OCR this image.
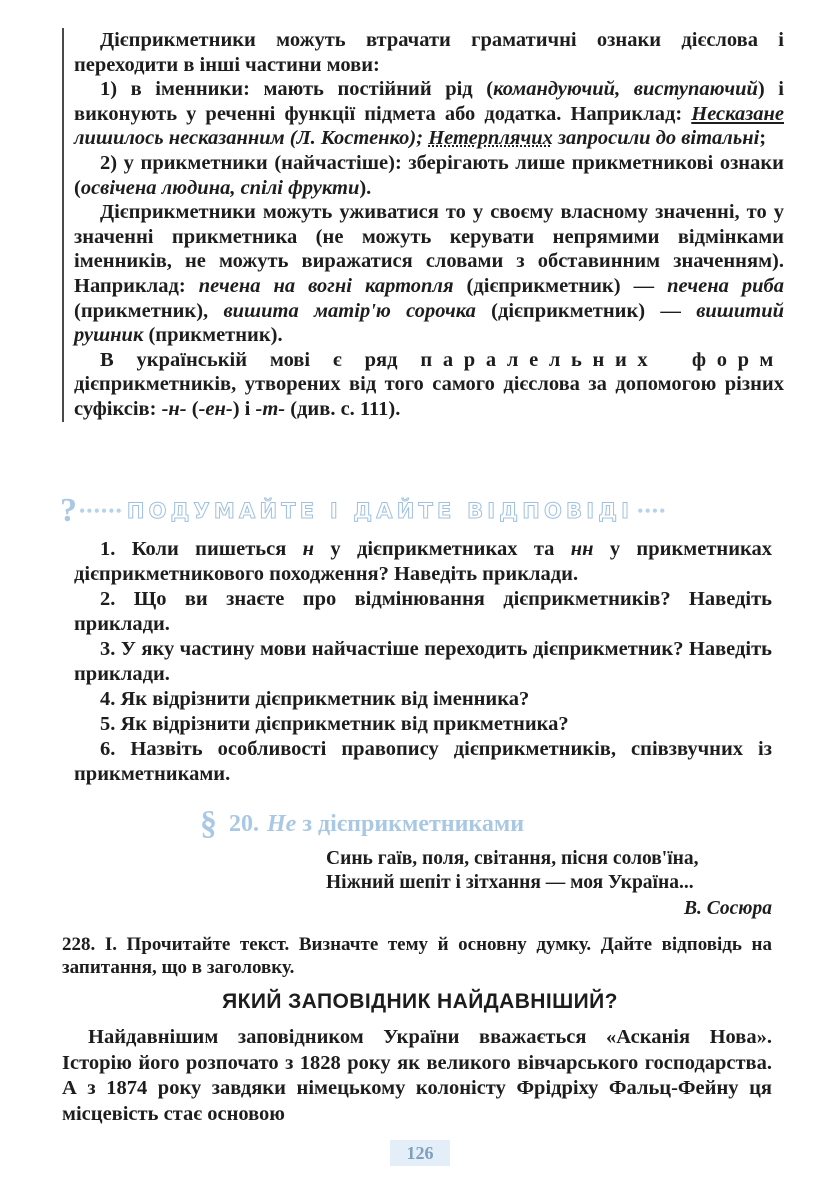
Дієприкметники можуть втрачати граматичні ознаки дієслова і переходити в інші частини мови:

1) в іменники: мають постійний рід (командуючий, виступаючий) і виконують у реченні функції підмета або додатка. Наприклад: Несказане лишилось несказанним (Л. Костенко); Нетерплячих запросили до вітальні;

2) у прикметники (найчастіше): зберігають лише прикметникові ознаки (освічена людина, спілі фрукти).

Дієприкметники можуть уживатися то у своєму власному значенні, то у значенні прикметника (не можуть керувати непрямими відмінками іменників, не можуть виражатися словами з обставинним значенням). Наприклад: печена на вогні картопля (дієприкметник) — печена риба (прикметник), вишита матір'ю сорочка (дієприкметник) — вишитий рушник (прикметник).

В українській мові є ряд паралельних форм дієприкметників, утворених від того самого дієслова за допомогою різних суфіксів: -н- (-ен-) і -т- (див. с. 111).

? •••••• ПОДУМАЙТЕ І ДАЙТЕ ВІДПОВІДІ ••••

1. Коли пишеться н у дієприкметниках та нн у прикметниках дієприкметникового походження? Наведіть приклади.

2. Що ви знаєте про відмінювання дієприкметників? Наведіть приклади.

3. У яку частину мови найчастіше переходить дієприкметник? Наведіть приклади.

4. Як відрізнити дієприкметник від іменника?

5. Як відрізнити дієприкметник від прикметника?

6. Назвіть особливості правопису дієприкметників, співзвучних із прикметниками.

§ 20. Не з дієприкметниками

Синь гаїв, поля, світання, пісня солов'їна,

Ніжний шепіт і зітхання — моя Україна...

В. Сосюра

228. I. Прочитайте текст. Визначте тему й основну думку. Дайте відповідь на запитання, що в заголовку.

ЯКИЙ ЗАПОВІДНИК НАЙДАВНІШИЙ?

Найдавнішим заповідником України вважається «Асканія Нова». Історію його розпочато з 1828 року як великого вівчарського господарства. А з 1874 року завдяки німецькому колоністу Фрідріху Фальц-Фейну ця місцевість стає основою

126
